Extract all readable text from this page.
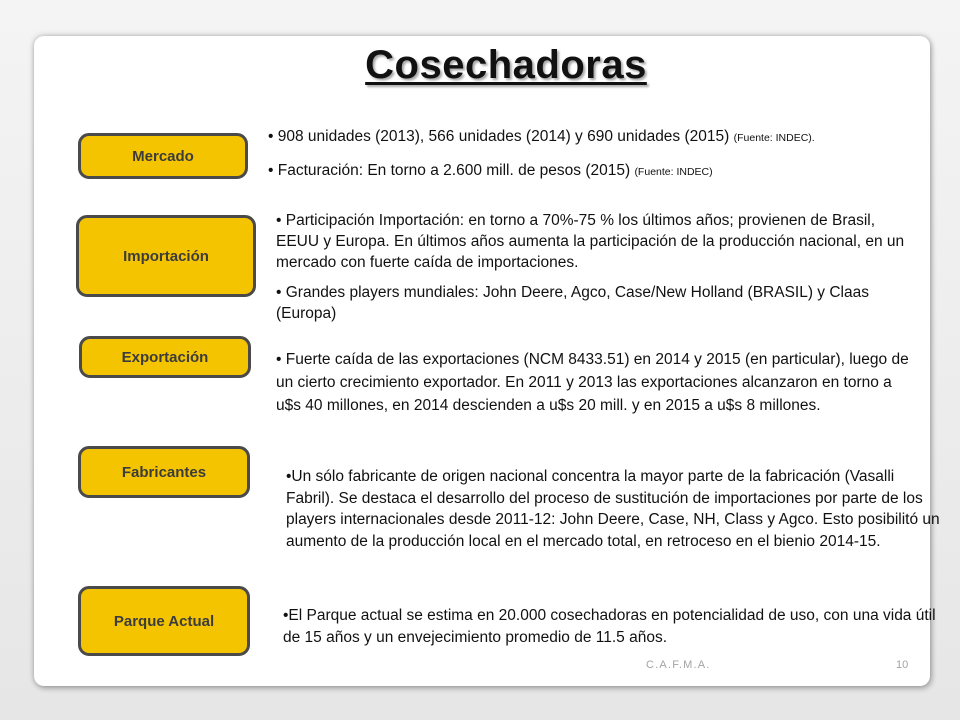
Cosechadoras
Mercado

• 908 unidades (2013), 566 unidades (2014) y 690 unidades (2015) (Fuente: INDEC).

• Facturación: En torno a 2.600 mill. de pesos (2015) (Fuente: INDEC)

Importación

• Participación Importación: en torno a 70%-75 % los últimos años; provienen de Brasil, EEUU y Europa. En últimos años aumenta la participación de la producción nacional, en un mercado con fuerte caída de importaciones.

• Grandes players mundiales: John Deere, Agco, Case/New Holland (BRASIL) y Claas (Europa)

Exportación	• Fuerte caída de las exportaciones (NCM 8433.51) en 2014 y 2015 (en particular), luego de un cierto crecimiento exportador. En 2011 y 2013 las exportaciones alcanzaron en torno a u$s 40 millones, en 2014 descienden a u$s 20 mill. y en 2015 a u$s 8 millones.

Fabricantes	•Un sólo fabricante de origen nacional concentra la mayor parte de la fabricación (Vasalli Fabril). Se destaca el desarrollo del proceso de sustitución de importaciones por parte de los players internacionales desde 2011-12: John Deere, Case, NH, Class y Agco. Esto posibilitó un aumento de la producción local en el mercado total, en retroceso en el bienio 2014-15.

Parque Actual	•El Parque actual se estima en 20.000 cosechadoras en potencialidad de uso, con una vida útil de 15 años y un envejecimiento promedio de 11.5 años.

C.A.F.M.A.	10
